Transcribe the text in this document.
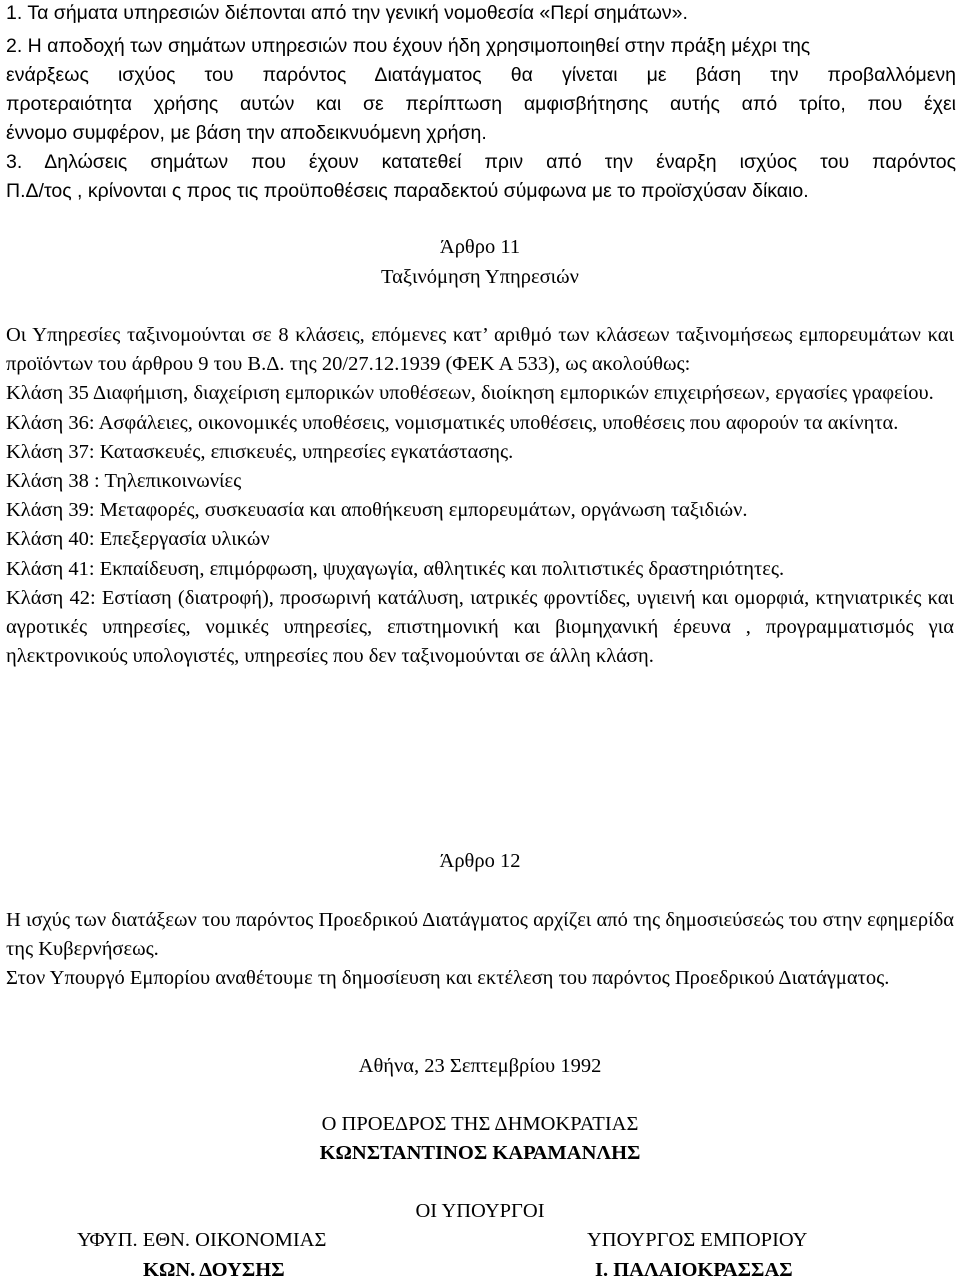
1. Τα σήματα υπηρεσιών διέπονται από την γενική νομοθεσία «Περί σημάτων».

2. Η αποδοχή των σημάτων υπηρεσιών που έχουν ήδη χρησιμοποιηθεί στην πράξη μέχρι της

ενάρξεως ισχύος του παρόντος Διατάγματος θα γίνεται με βάση την προβαλλόμενη

προτεραιότητα χρήσης αυτών και σε περίπτωση αμφισβήτησης αυτής από τρίτο, που έχει

έννομο συμφέρον, με βάση την αποδεικνυόμενη χρήση.

3. Δηλώσεις σημάτων που έχουν κατατεθεί πριν από την έναρξη ισχύος του παρόντος

Π.Δ/τος , κρίνονται ς προς τις προϋποθέσεις παραδεκτού σύμφωνα με το προϊσχύσαν δίκαιο.

Άρθρο 11

Ταξινόμηση Υπηρεσιών

Οι Υπηρεσίες ταξινομούνται σε 8 κλάσεις, επόμενες κατ’ αριθμό των κλάσεων ταξινομήσεως εμπορευμάτων και προϊόντων του άρθρου 9 του Β.Δ. της 20/27.12.1939 (ΦΕΚ Α 533), ως ακολούθως:

Κλάση 35 Διαφήμιση, διαχείριση εμπορικών υποθέσεων, διοίκηση εμπορικών επιχειρήσεων, εργασίες γραφείου.

Κλάση 36: Ασφάλειες, οικονομικές υποθέσεις, νομισματικές υποθέσεις, υποθέσεις που αφορούν τα ακίνητα.

Κλάση 37: Κατασκευές, επισκευές, υπηρεσίες εγκατάστασης.

Κλάση 38 : Τηλεπικοινωνίες

Κλάση 39: Μεταφορές, συσκευασία και αποθήκευση εμπορευμάτων, οργάνωση ταξιδιών.

Κλάση 40: Επεξεργασία υλικών

Κλάση 41: Εκπαίδευση, επιμόρφωση, ψυχαγωγία, αθλητικές και πολιτιστικές δραστηριότητες.

Κλάση 42: Εστίαση (διατροφή), προσωρινή κατάλυση, ιατρικές φροντίδες, υγιεινή και ομορφιά, κτηνιατρικές και αγροτικές υπηρεσίες, νομικές υπηρεσίες, επιστημονική και βιομηχανική έρευνα , προγραμματισμός για ηλεκτρονικούς υπολογιστές, υπηρεσίες που δεν ταξινομούνται σε άλλη κλάση.

Άρθρο 12

Η ισχύς των διατάξεων του παρόντος Προεδρικού Διατάγματος αρχίζει από της δημοσιεύσεώς του στην εφημερίδα της Κυβερνήσεως.

Στον Υπουργό Εμπορίου αναθέτουμε τη δημοσίευση και εκτέλεση του παρόντος Προεδρικού Διατάγματος.

Αθήνα, 23 Σεπτεμβρίου 1992

Ο ΠΡΟΕΔΡΟΣ ΤΗΣ ΔΗΜΟΚΡΑΤΙΑΣ

ΚΩΝΣΤΑΝΤΙΝΟΣ ΚΑΡΑΜΑΝΛΗΣ

ΟΙ ΥΠΟΥΡΓΟΙ

ΥΦΥΠ. ΕΘΝ. ΟΙΚΟΝΟΜΙΑΣ

ΚΩΝ. ΔΟΥΣΗΣ

ΥΠΟΥΡΓΟΣ ΕΜΠΟΡΙΟΥ

Ι. ΠΑΛΑΙΟΚΡΑΣΣΑΣ
